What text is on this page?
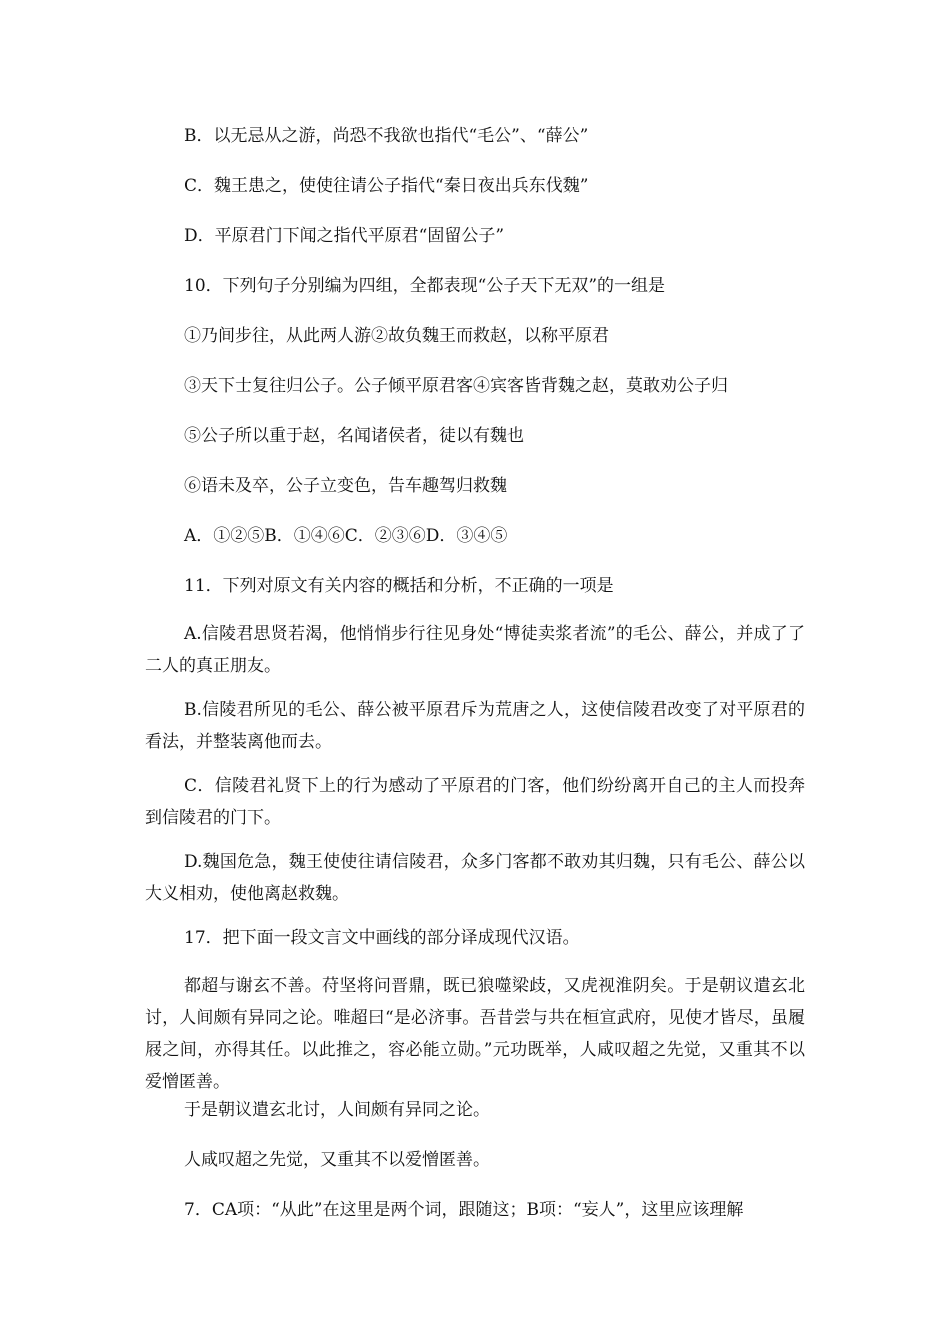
B．以无忌从之游，尚恐不我欲也指代“毛公”、“薛公”
C．魏王患之，使使往请公子指代“秦日夜出兵东伐魏”
D．平原君门下闻之指代平原君“固留公子”
10．下列句子分别编为四组，全都表现“公子天下无双”的一组是
①乃间步往，从此两人游②故负魏王而救赵，以称平原君
③天下士复往归公子。公子倾平原君客④宾客皆背魏之赵，莫敢劝公子归
⑤公子所以重于赵，名闻诸侯者，徒以有魏也
⑥语未及卒，公子立变色，告车趣驾归救魏
A．①②⑤B．①④⑥C．②③⑥D．③④⑤
11．下列对原文有关内容的概括和分析，不正确的一项是
A.信陵君思贤若渴，他悄悄步行往见身处“博徒卖浆者流”的毛公、薛公，并成了了二人的真正朋友。
B.信陵君所见的毛公、薛公被平原君斥为荒唐之人，这使信陵君改变了对平原君的看法，并整装离他而去。
C．信陵君礼贤下上的行为感动了平原君的门客，他们纷纷离开自己的主人而投奔到信陵君的门下。
D.魏国危急，魏王使使往请信陵君，众多门客都不敢劝其归魏，只有毛公、薛公以大义相劝，使他离赵救魏。
17．把下面一段文言文中画线的部分译成现代汉语。
都超与谢玄不善。苻坚将问晋鼎，既已狼噬梁歧，又虎视淮阴矣。于是朝议遣玄北讨，人间颇有异同之论。唯超曰“是必济事。吾昔尝与共在桓宣武府，见使才皆尽，虽履屐之间，亦得其任。以此推之，容必能立勋。”元功既举，人咸叹超之先觉，又重其不以爱憎匿善。
于是朝议遣玄北讨，人间颇有异同之论。
人咸叹超之先觉，又重其不以爱憎匿善。
7．CA项：“从此”在这里是两个词，跟随这；B项：“妄人”，这里应该理解
